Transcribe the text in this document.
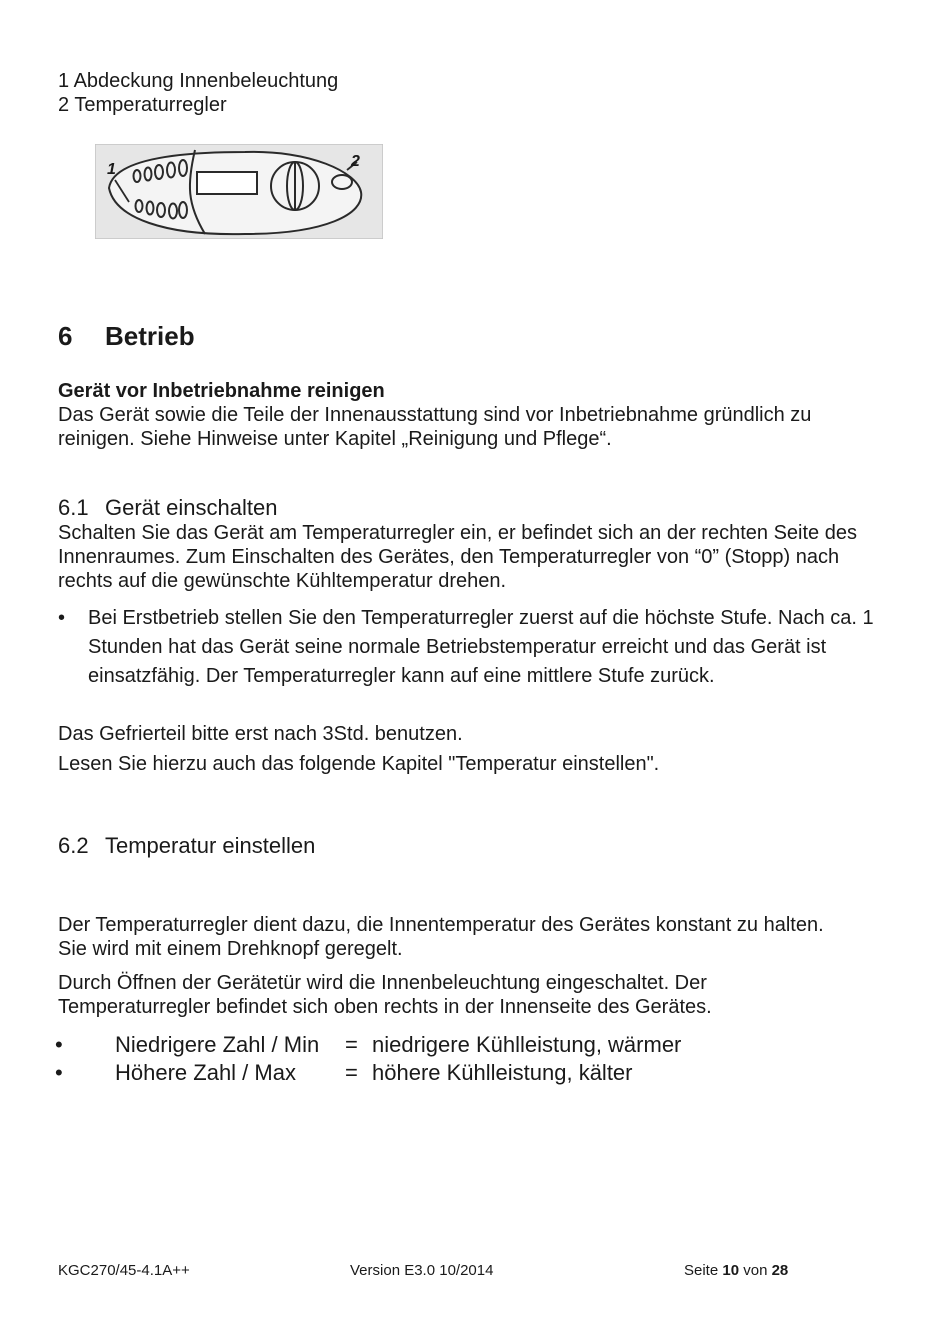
1 Abdeckung Innenbeleuchtung
2 Temperaturregler
1	2
6 Betrieb
Gerät vor Inbetriebnahme reinigen
Das Gerät sowie die Teile der Innenausstattung sind vor Inbetriebnahme gründlich zu reinigen. Siehe Hinweise unter Kapitel „Reinigung und Pflege“.
6.1 Gerät einschalten
Schalten Sie das Gerät am Temperaturregler ein, er befindet sich an der rechten Seite des Innenraumes. Zum Einschalten des Gerätes, den Temperaturregler von “0” (Stopp) nach rechts auf die gewünschte Kühltemperatur drehen.
• Bei Erstbetrieb stellen Sie den Temperaturregler zuerst auf die höchste Stufe. Nach ca. 1 Stunden hat das Gerät seine normale Betriebstemperatur erreicht und das Gerät ist einsatzfähig. Der Temperaturregler kann auf eine mittlere Stufe zurück.
Das Gefrierteil bitte erst nach 3Std. benutzen.
Lesen Sie hierzu auch das folgende Kapitel "Temperatur einstellen".
6.2 Temperatur einstellen
Der Temperaturregler dient dazu, die Innentemperatur des Gerätes konstant zu halten. Sie wird mit einem Drehknopf geregelt.
Durch Öffnen der Gerätetür wird die Innenbeleuchtung eingeschaltet. Der Temperaturregler befindet sich oben rechts in der Innenseite des Gerätes.
• Niedrigere Zahl / Min = niedrigere Kühlleistung, wärmer
• Höhere Zahl / Max = höhere Kühlleistung, kälter
KGC270/45-4.1A++	Version E3.0 10/2014	Seite 10 von 28
